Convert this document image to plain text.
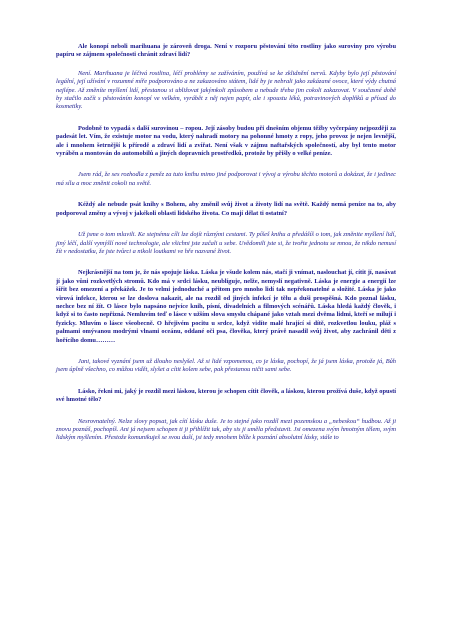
Ale konopí neboli marihuana je zároveň droga. Není v rozporu pěstování této rostliny jako suroviny pro výrobu papíru se zájmem společnosti chránit zdraví lidí?

Není. Marihuana je léčivá rostlina, léčí problémy se zažíváním, používá se ke zklidnění nervů. Kdyby bylo její pěstování legální, její užívání v rozumné míře podporováno a ne zakazováno státem, lidé by je nebrali jako zakázané ovoce, které výdy chutná nejlépe. Až změníte myšlení lidí, přestanou si ubližovat jakýmkoli způsobem a nebude třeba jim cokoli zakazovat. V současné době by stačilo začít s pěstováním konopí ve velkém, vyrábět z něj nejen papír, ale i spoustu léků, potravinových doplňků a přísad do kosmetiky.

Podobně to vypadá s další surovinou – ropou. Její zásoby budou při dnešním objemu těžby vyčerpány nejpozději za padesát let. Vím, že existuje motor na vodu, který nahradí motory na pohonné hmoty z ropy, jeho provoz je nejen levnější, ale i mnohem šetrnější k přírodě a zdraví lidí a zvířat. Není však v zájmu naftařských společností, aby byl tento motor vyráběn a montován do automobilů a jiných dopravních prostředků, protože by přišly o velké peníze.

Jsem rád, že ses rozhodla z peněz za tuto knihu mimo jiné podporovat i vývoj a výrobu těchto motorů a dokázat, že i jedinec má sílu a moc změnit cokoli na světě.

Kéždý ale nebude psát knihy s Bohem, aby změnil svůj život a životy lidí na světě. Každý nemá peníze na to, aby podporoval změny a vývoj v jakékoli oblasti lidského života. Co mají dělat ti ostatní?

Už jsme o tom mluvili. Ke stejnému cíli lze dojít různými cestami. Ty píšeš knihu a předášíš o tom, jak změnite myšlení lidí, jiný léčí, další vymýšlí nové technologie, ale všichni jste začali u sebe. Uvědomili jste si, že tvořte jednotu se mnou, že nikdo nemusí žít v nedostatku, že jste tvůrci a nikoli loutkami ve hře nazvané život.

Nejkrásnější na tom je, že nás spojuje láska. Láska je všude kolem nás, stačí ji vnímat, naslouchat jí, cítit jí, nasávat jí jako vůni rozkvetlých stromů. Kdo má v srdci lásku, neublíguje, nelže, nemyslí negativně. Láska je energie a energií lze šířit bez omezení a překážek. Je to velmi jednoduché a přitom pro mnoho lidí tak nepřekonatelné a složité. Láska je jako virová infekce, kterou se lze doslova nakazit, ale na rozdíl od jiných infekcí je tělu a duši prospěšná. Kdo poznal lásku, nechce bez ní žít. O lásce bylo napsáno nejvíce knih, písní, divadelních a filmových scénářů. Láska hledá každý člověk, i když si to často nepřizná. Nemluvím teď o lásce v užším slova smyslu chápané jako vztah mezi dvěma lidmi, kteří se milují i fyzicky. Mluvím o lásce všeobecně. O hřejivém pocitu u srdce, když vidíte malé hrající si dítě, rozkvetlou louku, pláž s palmami omývanou modrými vlnami oceánu, oddané oči psa, člověka, který právě nasadil svůj život, aby zachránil děti z hořícího domu………

Jani, takové vyznání jsem už dlouho neslyšel. Až si lidé vzpomenou, co je láska, pochopí, že já jsem láska, protože já, Bůh jsem úplně všechno, co můžou vidět, slyšet a cítit kolem sebe, pak přestanou ničit sami sebe.

Lásko, řekni mi, jaký je rozdíl mezi láskou, kterou je schopen cítit člověk, a láskou, kterou prožívá duše, když opustí své hmotné tělo?

Nesrovnatelný. Nelze slovy popsat, jak cítí lásku duše. Je to stejné jako rozdíl mezi pozemskou a „nebeskou“ hudbou. Až ji znovu poznáš, pochopíš. Ani já nejsem schopen ti ji přiblížit tak, aby sis ji uměla představit. Jsi omezena svým hmotným tělem, svým lidským myšlením. Přestože komunikuješ se svou duší, jsi tedy mnohem blíže k poznání absolutní lásky, stále to
